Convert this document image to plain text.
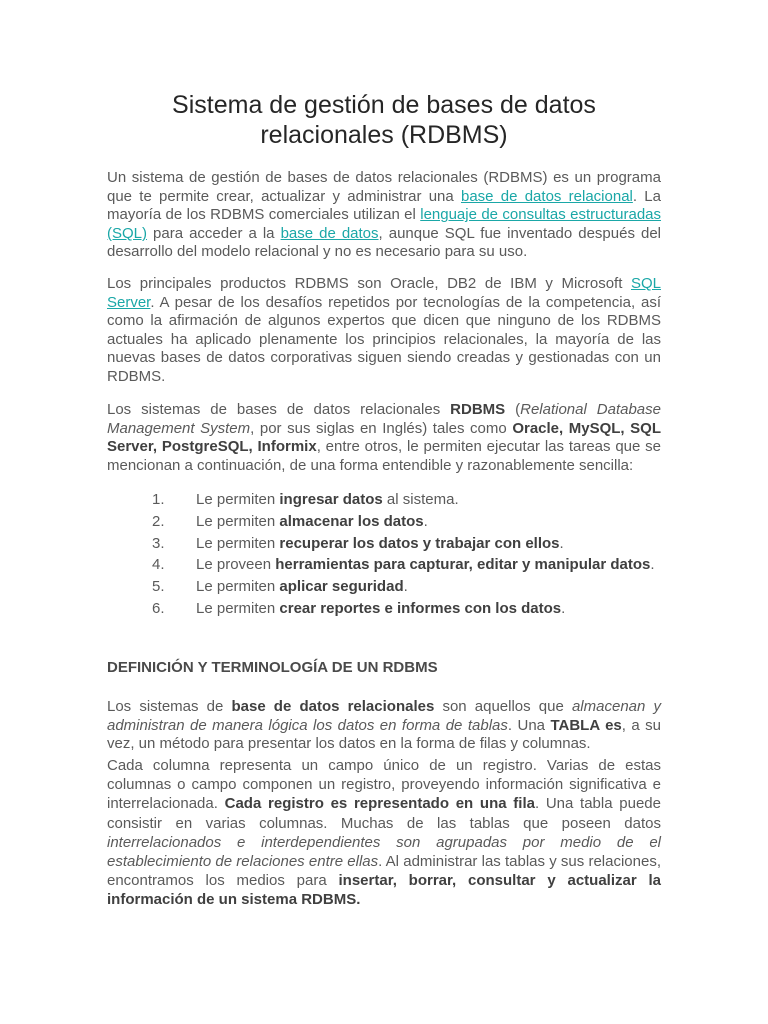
Sistema de gestión de bases de datos relacionales (RDBMS)

Un sistema de gestión de bases de datos relacionales (RDBMS) es un programa que te permite crear, actualizar y administrar una base de datos relacional. La mayoría de los RDBMS comerciales utilizan el lenguaje de consultas estructuradas (SQL) para acceder a la base de datos, aunque SQL fue inventado después del desarrollo del modelo relacional y no es necesario para su uso.

Los principales productos RDBMS son Oracle, DB2 de IBM y Microsoft SQL Server. A pesar de los desafíos repetidos por tecnologías de la competencia, así como la afirmación de algunos expertos que dicen que ninguno de los RDBMS actuales ha aplicado plenamente los principios relacionales, la mayoría de las nuevas bases de datos corporativas siguen siendo creadas y gestionadas con un RDBMS.

Los sistemas de bases de datos relacionales RDBMS (Relational Database Management System, por sus siglas en Inglés) tales como Oracle, MySQL, SQL Server, PostgreSQL, Informix, entre otros, le permiten ejecutar las tareas que se mencionan a continuación, de una forma entendible y razonablemente sencilla:

1.	Le permiten ingresar datos al sistema.
2.	Le permiten almacenar los datos.
3.	Le permiten recuperar los datos y trabajar con ellos.
4.	Le proveen herramientas para capturar, editar y manipular datos.
5.	Le permiten aplicar seguridad.
6.	Le permiten crear reportes e informes con los datos.
DEFINICIÓN Y TERMINOLOGÍA DE UN RDBMS

Los sistemas de base de datos relacionales son aquellos que almacenan y administran de manera lógica los datos en forma de tablas. Una TABLA es, a su vez, un método para presentar los datos en la forma de filas y columnas.

Cada columna representa un campo único de un registro. Varias de estas columnas o campo componen un registro, proveyendo información significativa e interrelacionada. Cada registro es representado en una fila. Una tabla puede consistir en varias columnas. Muchas de las tablas que poseen datos interrelacionados e interdependientes son agrupadas por medio de el establecimiento de relaciones entre ellas. Al administrar las tablas y sus relaciones, encontramos los medios para insertar, borrar, consultar y actualizar la información de un sistema RDBMS.
